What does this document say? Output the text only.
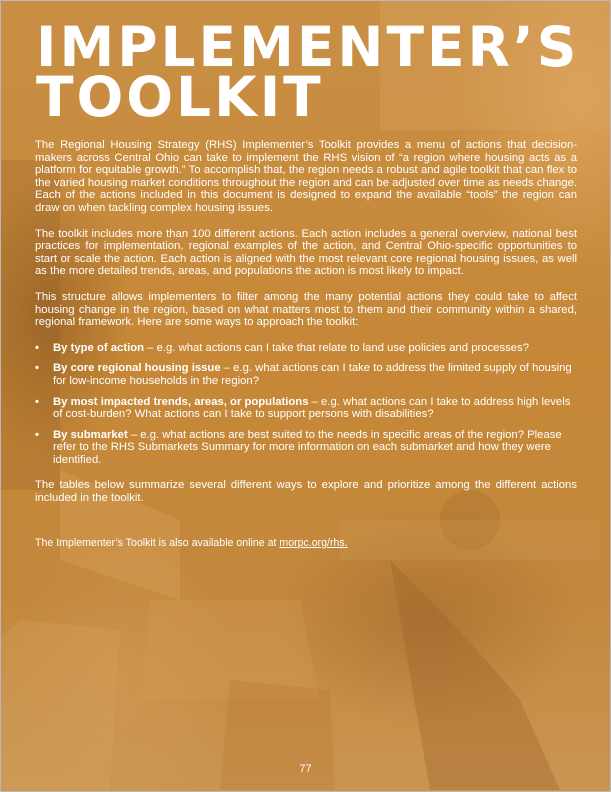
IMPLEMENTER’S
TOOLKIT

The Regional Housing Strategy (RHS) Implementer’s Toolkit provides a menu of actions that decision-makers across Central Ohio can take to implement the RHS vision of “a region where housing acts as a platform for equitable growth.” To accomplish that, the region needs a robust and agile toolkit that can flex to the varied housing market conditions throughout the region and can be adjusted over time as needs change. Each of the actions included in this document is designed to expand the available “tools” the region can draw on when tackling complex housing issues.

The toolkit includes more than 100 different actions. Each action includes a general overview, national best practices for implementation, regional examples of the action, and Central Ohio-specific opportunities to start or scale the action. Each action is aligned with the most relevant core regional housing issues, as well as the more detailed trends, areas, and populations the action is most likely to impact.

This structure allows implementers to filter among the many potential actions they could take to affect housing change in the region, based on what matters most to them and their community within a shared, regional framework. Here are some ways to approach the toolkit:

• By type of action – e.g. what actions can I take that relate to land use policies and processes?
• By core regional housing issue – e.g. what actions can I take to address the limited supply of housing for low-income households in the region?
• By most impacted trends, areas, or populations – e.g. what actions can I take to address high levels of cost-burden? What actions can I take to support persons with disabilities?
• By submarket – e.g. what actions are best suited to the needs in specific areas of the region? Please refer to the RHS Submarkets Summary for more information on each submarket and how they were identified.

The tables below summarize several different ways to explore and prioritize among the different actions included in the toolkit.

The Implementer’s Toolkit is also available online at morpc.org/rhs.
77
